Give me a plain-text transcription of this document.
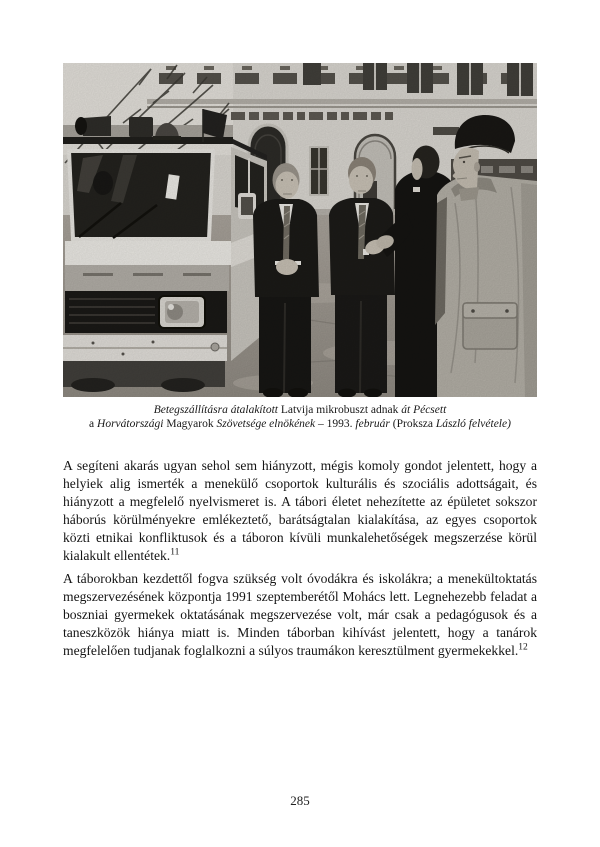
Betegszállításra átalakított Latvija mikrobuszt adnak át Pécsett
a Horvátországi Magyarok Szövetsége elnökének – 1993. február (Proksza László felvétele)

A segíteni akarás ugyan sehol sem hiányzott, mégis komoly gondot jelentett, hogy a helyiek alig ismerték a menekülő csoportok kulturális és szociális adottságait, és hiányzott a megfelelő nyelvismeret is. A tábori életet nehezítette az épületet sokszor háborús körülményekre emlékeztető, barátságtalan kialakítása, az egyes csoportok közti etnikai konfliktusok és a táboron kívüli munkalehetőségek megszerzése körül kialakult ellentétek.$^{11}$

A táborokban kezdettől fogva szükség volt óvodákra és iskolákra; a menekültoktatás megszervezésének központja 1991 szeptemberétől Mohács lett. Legnehezebb feladat a boszniai gyermekek oktatásának megszervezése volt, már csak a pedagógusok és a taneszközök hiánya miatt is. Minden táborban kihívást jelentett, hogy a tanárok megfelelően tudjanak foglalkozni a súlyos traumákon keresztülment gyermekekkel.$^{12}$

285
